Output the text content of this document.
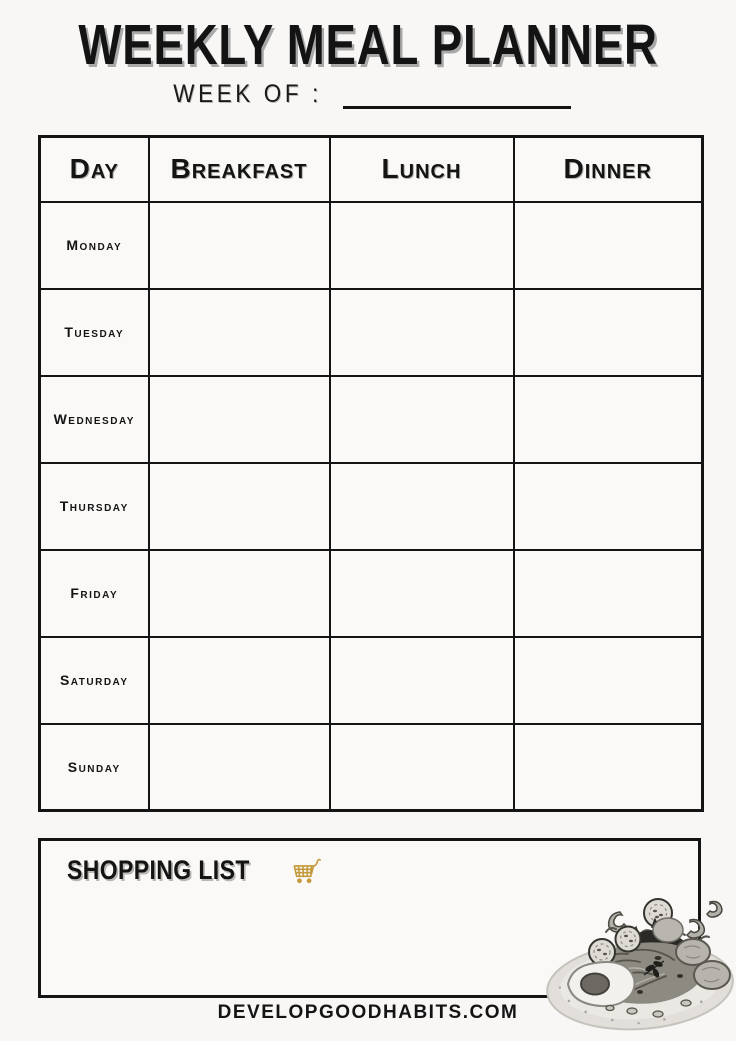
WEEKLY MEAL PLANNER
WEEK OF :
Day	Breakfast	Lunch	Dinner
Monday			
Tuesday			
Wednesday			
Thursday			
Friday			
Saturday			
Sunday			
SHOPPING LIST
DEVELOPGOODHABITS.COM
